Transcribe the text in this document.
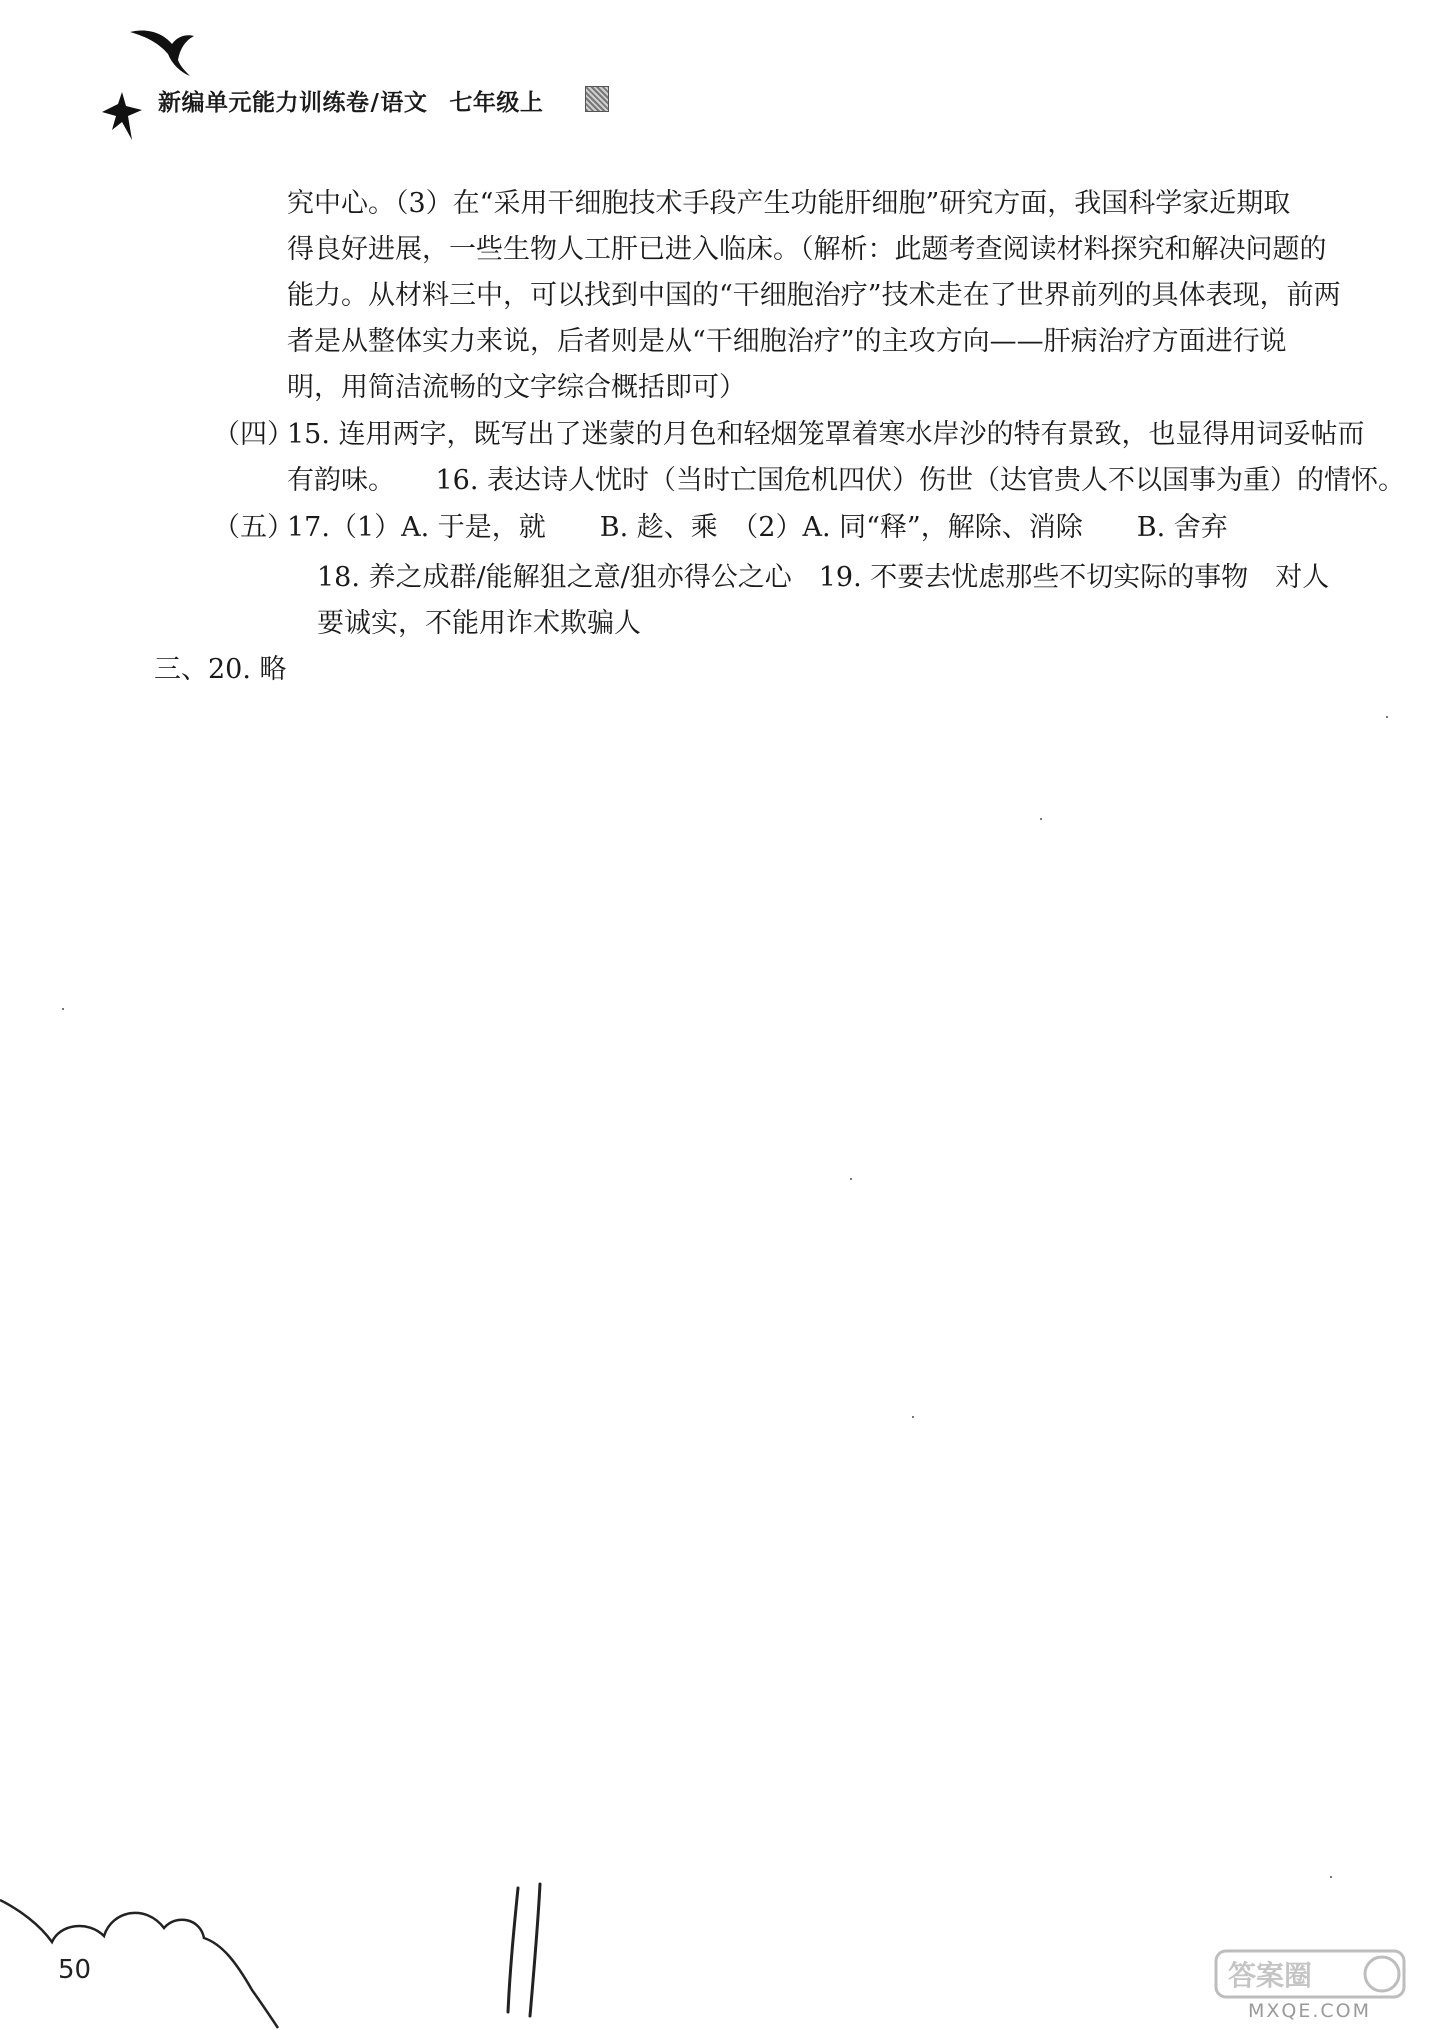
新编单元能力训练卷/语文 七年级上
究中心。（3）在“采用干细胞技术手段产生功能肝细胞”研究方面，我国科学家近期取
得良好进展，一些生物人工肝已进入临床。（解析：此题考查阅读材料探究和解决问题的
能力。从材料三中，可以找到中国的“干细胞治疗”技术走在了世界前列的具体表现，前两
者是从整体实力来说，后者则是从“干细胞治疗”的主攻方向——肝病治疗方面进行说
明，用简洁流畅的文字综合概括即可）
（四）
15. 连用两字，既写出了迷蒙的月色和轻烟笼罩着寒水岸沙的特有景致，也显得用词妥帖而
有韵味。　　16. 表达诗人忧时（当时亡国危机四伏）伤世（达官贵人不以国事为重）的情怀。
（五）
17.（1）A. 于是，就　　B. 趁、乘　（2）A. 同“释”，解除、消除　　B. 舍弃
18. 养之成群/能解狙之意/狙亦得公之心　19. 不要去忧虑那些不切实际的事物　对人
要诚实，不能用诈术欺骗人
三、20. 略
答案圈
MXQE.COM
50
